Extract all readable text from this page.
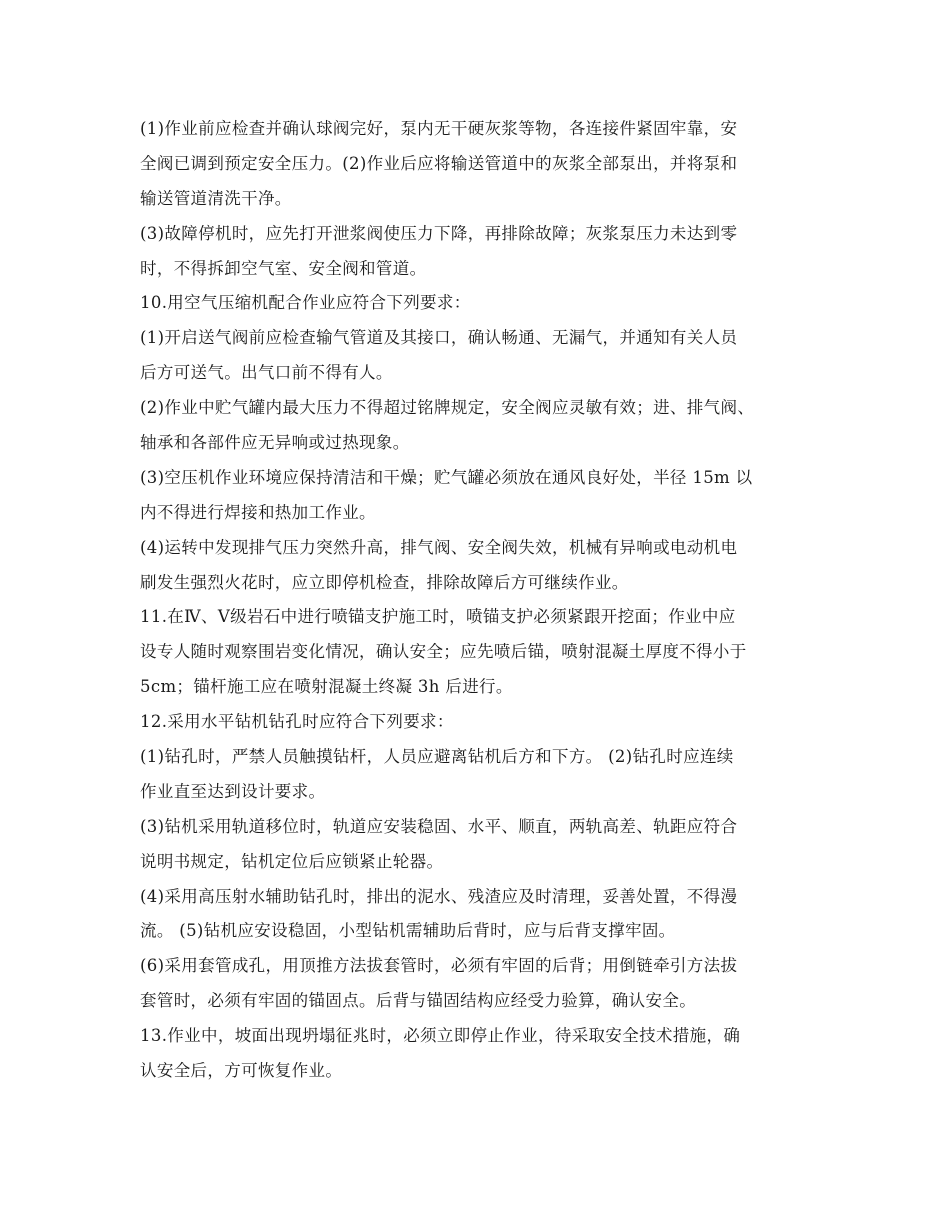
(1)作业前应检查并确认球阀完好，泵内无干硬灰浆等物，各连接件紧固牢靠，安

全阀已调到预定安全压力。(2)作业后应将输送管道中的灰浆全部泵出，并将泵和

输送管道清洗干净。

(3)故障停机时，应先打开泄浆阀使压力下降，再排除故障；灰浆泵压力未达到零

时，不得拆卸空气室、安全阀和管道。

10.用空气压缩机配合作业应符合下列要求：

(1)开启送气阀前应检查输气管道及其接口，确认畅通、无漏气，并通知有关人员

后方可送气。出气口前不得有人。

(2)作业中贮气罐内最大压力不得超过铭牌规定，安全阀应灵敏有效；进、排气阀、

轴承和各部件应无异响或过热现象。

(3)空压机作业环境应保持清洁和干燥；贮气罐必须放在通风良好处，半径 15m 以

内不得进行焊接和热加工作业。

(4)运转中发现排气压力突然升高，排气阀、安全阀失效，机械有异响或电动机电

刷发生强烈火花时，应立即停机检查，排除故障后方可继续作业。

11.在Ⅳ、Ⅴ级岩石中进行喷锚支护施工时，喷锚支护必须紧跟开挖面；作业中应

设专人随时观察围岩变化情况，确认安全；应先喷后锚，喷射混凝土厚度不得小于

5cm；锚杆施工应在喷射混凝土终凝 3h 后进行。

12.采用水平钻机钻孔时应符合下列要求：

(1)钻孔时，严禁人员触摸钻杆，人员应避离钻机后方和下方。 (2)钻孔时应连续

作业直至达到设计要求。

(3)钻机采用轨道移位时，轨道应安装稳固、水平、顺直，两轨高差、轨距应符合

说明书规定，钻机定位后应锁紧止轮器。

(4)采用高压射水辅助钻孔时，排出的泥水、残渣应及时清理，妥善处置，不得漫

流。 (5)钻机应安设稳固，小型钻机需辅助后背时，应与后背支撑牢固。

(6)采用套管成孔，用顶推方法拔套管时，必须有牢固的后背；用倒链牵引方法拔

套管时，必须有牢固的锚固点。后背与锚固结构应经受力验算，确认安全。

13.作业中，坡面出现坍塌征兆时，必须立即停止作业，待采取安全技术措施，确

认安全后，方可恢复作业。
